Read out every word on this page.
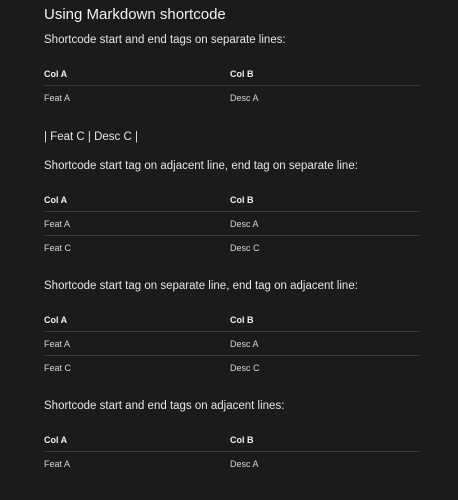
Using Markdown shortcode
Shortcode start and end tags on separate lines:
Col A	Col B
Feat A	Desc A
| Feat C | Desc C |
Shortcode start tag on adjacent line, end tag on separate line:
Col A	Col B
Feat A	Desc A
Feat C	Desc C
Shortcode start tag on separate line, end tag on adjacent line:
Col A	Col B
Feat A	Desc A
Feat C	Desc C
Shortcode start and end tags on adjacent lines:
Col A	Col B
Feat A	Desc A
